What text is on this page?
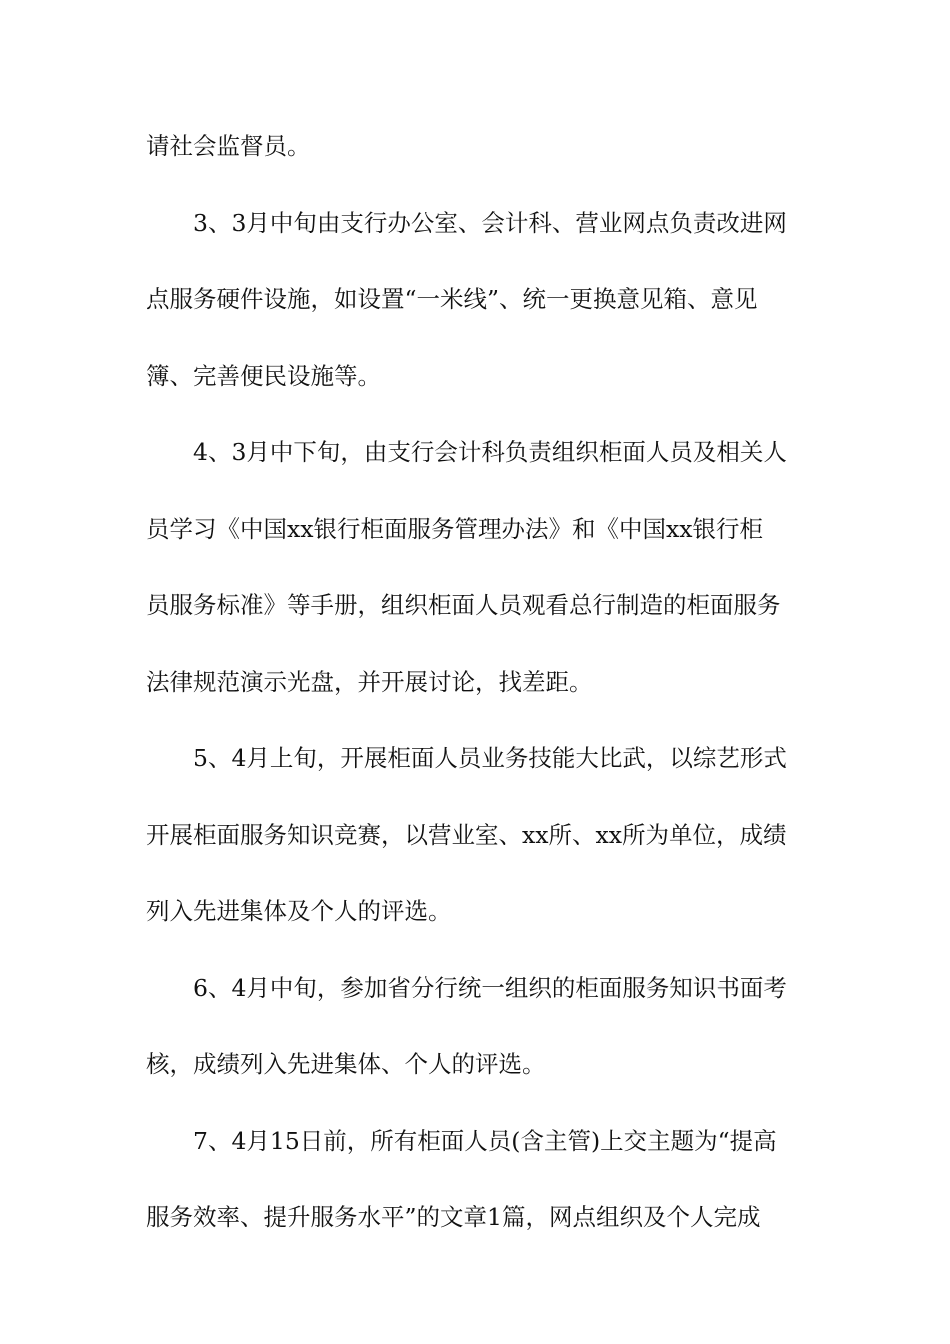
请社会监督员。
3、3月中旬由支行办公室、会计科、营业网点负责改进网
点服务硬件设施，如设置“一米线”、统一更换意见箱、意见
簿、完善便民设施等。
4、3月中下旬，由支行会计科负责组织柜面人员及相关人
员学习《中国xx银行柜面服务管理办法》和《中国xx银行柜
员服务标准》等手册，组织柜面人员观看总行制造的柜面服务
法律规范演示光盘，并开展讨论，找差距。
5、4月上旬，开展柜面人员业务技能大比武，以综艺形式
开展柜面服务知识竞赛，以营业室、xx所、xx所为单位，成绩
列入先进集体及个人的评选。
6、4月中旬，参加省分行统一组织的柜面服务知识书面考
核，成绩列入先进集体、个人的评选。
7、4月15日前，所有柜面人员(含主管)上交主题为“提高
服务效率、提升服务水平”的文章1篇，网点组织及个人完成
